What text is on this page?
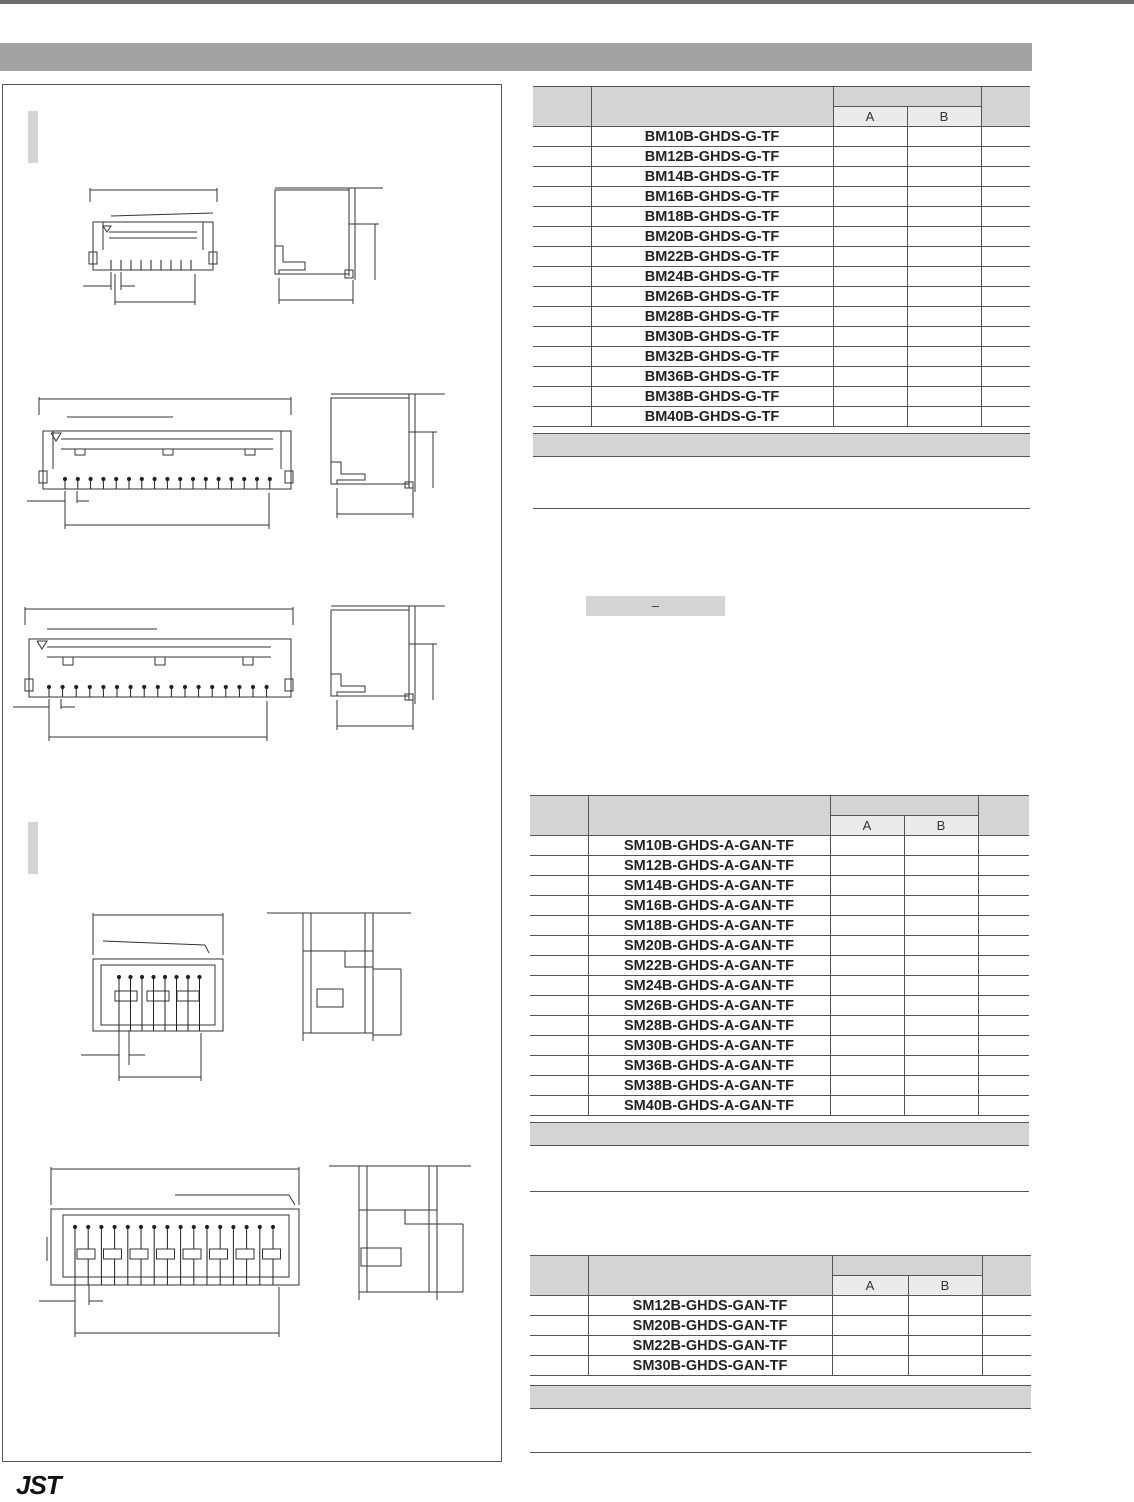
		A	B	
	BM10B-GHDS-G-TF			
	BM12B-GHDS-G-TF			
	BM14B-GHDS-G-TF			
	BM16B-GHDS-G-TF			
	BM18B-GHDS-G-TF			
	BM20B-GHDS-G-TF			
	BM22B-GHDS-G-TF			
	BM24B-GHDS-G-TF			
	BM26B-GHDS-G-TF			
	BM28B-GHDS-G-TF			
	BM30B-GHDS-G-TF			
	BM32B-GHDS-G-TF			
	BM36B-GHDS-G-TF			
	BM38B-GHDS-G-TF			
	BM40B-GHDS-G-TF			
–

		A	B	
	SM10B-GHDS-A-GAN-TF			
	SM12B-GHDS-A-GAN-TF			
	SM14B-GHDS-A-GAN-TF			
	SM16B-GHDS-A-GAN-TF			
	SM18B-GHDS-A-GAN-TF			
	SM20B-GHDS-A-GAN-TF			
	SM22B-GHDS-A-GAN-TF			
	SM24B-GHDS-A-GAN-TF			
	SM26B-GHDS-A-GAN-TF			
	SM28B-GHDS-A-GAN-TF			
	SM30B-GHDS-A-GAN-TF			
	SM36B-GHDS-A-GAN-TF			
	SM38B-GHDS-A-GAN-TF			
	SM40B-GHDS-A-GAN-TF			

		A	B	
	SM12B-GHDS-GAN-TF			
	SM20B-GHDS-GAN-TF			
	SM22B-GHDS-GAN-TF			
	SM30B-GHDS-GAN-TF			
JST
